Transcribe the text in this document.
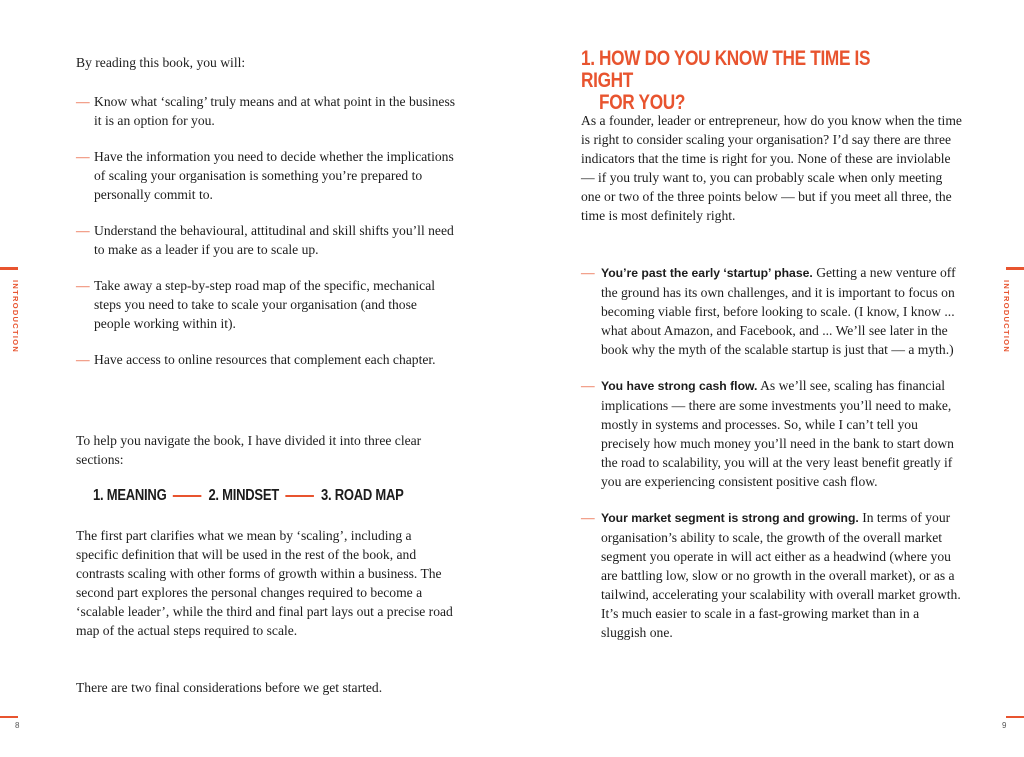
INTRODUCTION
By reading this book, you will:
— Know what ‘scaling’ truly means and at what point in the business it is an option for you.
— Have the information you need to decide whether the implications of scaling your organisation is something you’re prepared to personally commit to.
— Understand the behavioural, attitudinal and skill shifts you’ll need to make as a leader if you are to scale up.
— Take away a step-by-step road map of the specific, mechanical steps you need to take to scale your organisation (and those people working within it).
— Have access to online resources that complement each chapter.
To help you navigate the book, I have divided it into three clear sections:
1. MEANING	2. MINDSET	3. ROAD MAP
The first part clarifies what we mean by ‘scaling’, including a specific definition that will be used in the rest of the book, and contrasts scaling with other forms of growth within a business. The second part explores the personal changes required to become a ‘scalable leader’, while the third and final part lays out a precise road map of the actual steps required to scale.
There are two final considerations before we get started.
8
1. HOW DO YOU KNOW THE TIME IS RIGHT
FOR YOU?
As a founder, leader or entrepreneur, how do you know when the time is right to consider scaling your organisation? I’d say there are three indicators that the time is right for you. None of these are inviolable — if you truly want to, you can probably scale when only meeting one or two of the three points below — but if you meet all three, the time is most definitely right.
— You’re past the early ‘startup’ phase. Getting a new venture off the ground has its own challenges, and it is important to focus on becoming viable first, before looking to scale. (I know, I know ... what about Amazon, and Facebook, and ... We’ll see later in the book why the myth of the scalable startup is just that — a myth.)
— You have strong cash flow. As we’ll see, scaling has financial implications — there are some investments you’ll need to make, mostly in systems and processes. So, while I can’t tell you precisely how much money you’ll need in the bank to start down the road to scalability, you will at the very least benefit greatly if you are experiencing consistent positive cash flow.
— Your market segment is strong and growing. In terms of your organisation’s ability to scale, the growth of the overall market segment you operate in will act either as a headwind (where you are battling low, slow or no growth in the overall market), or as a tailwind, accelerating your scalability with overall market growth. It’s much easier to scale in a fast-growing market than in a sluggish one.
INTRODUCTION
9
